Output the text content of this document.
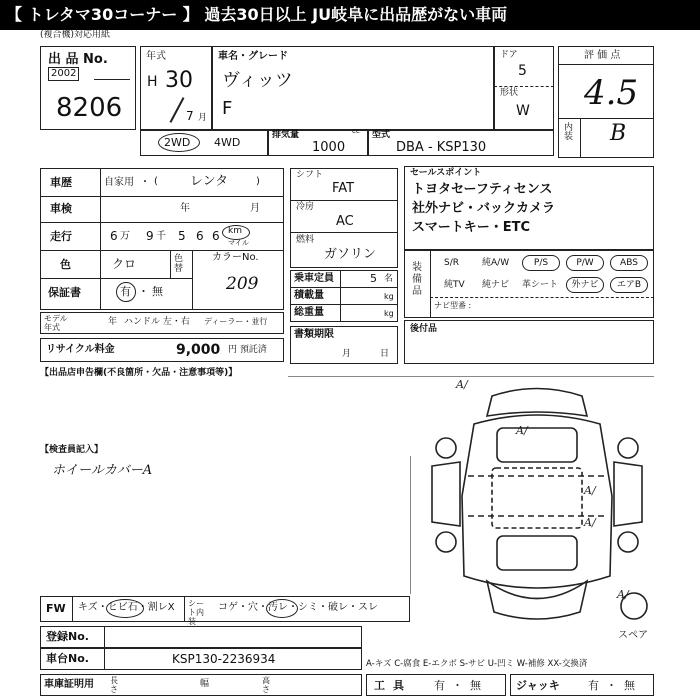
【 トレタマ30コーナー 】 過去30日以上 JU岐阜に出品歴がない車両
(複合機)対応用紙
出 品 No.
2002
8206
年式
H 30
7 月
車名・グレード
ヴィッツ
F
ドア
5
形状
W
評 価 点
4.5
内装 B
2WD 4WD
排気量	cc
1000
型式
DBA - KSP130
車歴	自家用 ・ ( レンタ	)
車検	年	月
走行	6 万 9 千 5 6 6 km
マイル
色	クロ	色替
カラーNo.
209
保証書	有 ・ 無
モデル年式
年 ハンドル 左・右 ディーラー・並行
リサイクル料金	9,000 円 預託済
シフト
FAT
冷房
AC
燃料
ガソリン
乗車定員	5 名
積載量	kg
総重量	kg
書類期限
月	日
セールスポイント
トヨタセーフティセンス
社外ナビ・バックカメラ
スマートキー・ETC
装備品
S/R	純A/W	P/S	P/W	ABS
純TV 純ナビ 革シート	外ナビ	エアB
ナビ型番 :
後付品
【出品店申告欄(不良箇所・欠品・注意事項等)】
【検査員記入】
ホイールカバーA
A/
A/
A/
A/
A/
スペア
FW キズ・ヒビ石・割レX シート内装
コゲ・穴・汚レ・シミ・破レ・スレ
登録No.
車台No.	KSP130-2236934
車庫証明用 長さ
幅	高さ
A-キズ C-腐食 E-エクボ S-サビ U-凹ミ W-補修 XX-交換済
工具 有 ・ 無	ジャッキ	有 ・ 無
